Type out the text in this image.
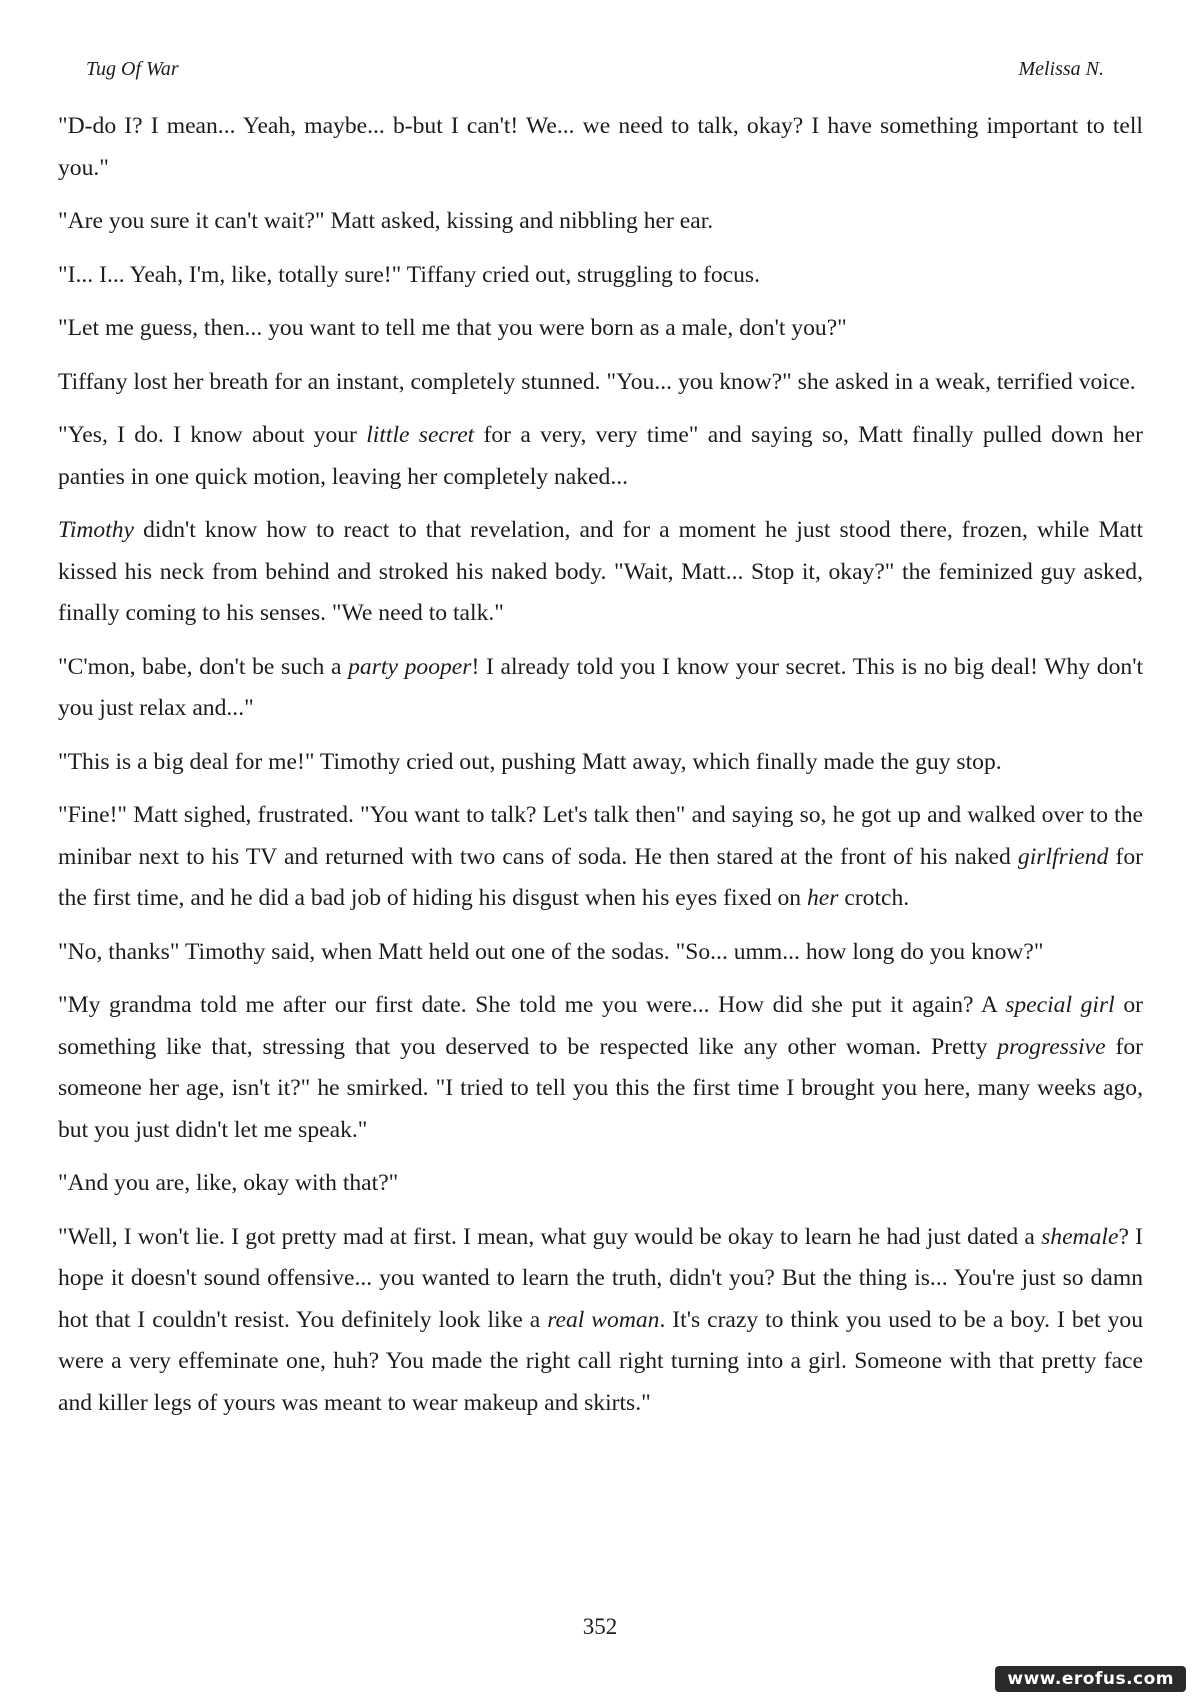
Tug Of War	Melissa N.

"D-do I? I mean... Yeah, maybe... b-but I can't! We... we need to talk, okay? I have something important to tell you."

"Are you sure it can't wait?" Matt asked, kissing and nibbling her ear.

"I... I... Yeah, I'm, like, totally sure!" Tiffany cried out, struggling to focus.

"Let me guess, then... you want to tell me that you were born as a male, don't you?"

Tiffany lost her breath for an instant, completely stunned. "You... you know?" she asked in a weak, terrified voice.

"Yes, I do. I know about your little secret for a very, very time" and saying so, Matt finally pulled down her panties in one quick motion, leaving her completely naked...

Timothy didn't know how to react to that revelation, and for a moment he just stood there, frozen, while Matt kissed his neck from behind and stroked his naked body. "Wait, Matt... Stop it, okay?" the feminized guy asked, finally coming to his senses. "We need to talk."

"C'mon, babe, don't be such a party pooper! I already told you I know your secret. This is no big deal! Why don't you just relax and..."

"This is a big deal for me!" Timothy cried out, pushing Matt away, which finally made the guy stop.

"Fine!" Matt sighed, frustrated. "You want to talk? Let's talk then" and saying so, he got up and walked over to the minibar next to his TV and returned with two cans of soda. He then stared at the front of his naked girlfriend for the first time, and he did a bad job of hiding his disgust when his eyes fixed on her crotch.

"No, thanks" Timothy said, when Matt held out one of the sodas. "So... umm... how long do you know?"

"My grandma told me after our first date. She told me you were... How did she put it again? A special girl or something like that, stressing that you deserved to be respected like any other woman. Pretty progressive for someone her age, isn't it?" he smirked. "I tried to tell you this the first time I brought you here, many weeks ago, but you just didn't let me speak."

"And you are, like, okay with that?"

"Well, I won't lie. I got pretty mad at first. I mean, what guy would be okay to learn he had just dated a shemale? I hope it doesn't sound offensive... you wanted to learn the truth, didn't you? But the thing is... You're just so damn hot that I couldn't resist. You definitely look like a real woman. It's crazy to think you used to be a boy. I bet you were a very effeminate one, huh? You made the right call right turning into a girl. Someone with that pretty face and killer legs of yours was meant to wear makeup and skirts."

352
www.erofus.com
